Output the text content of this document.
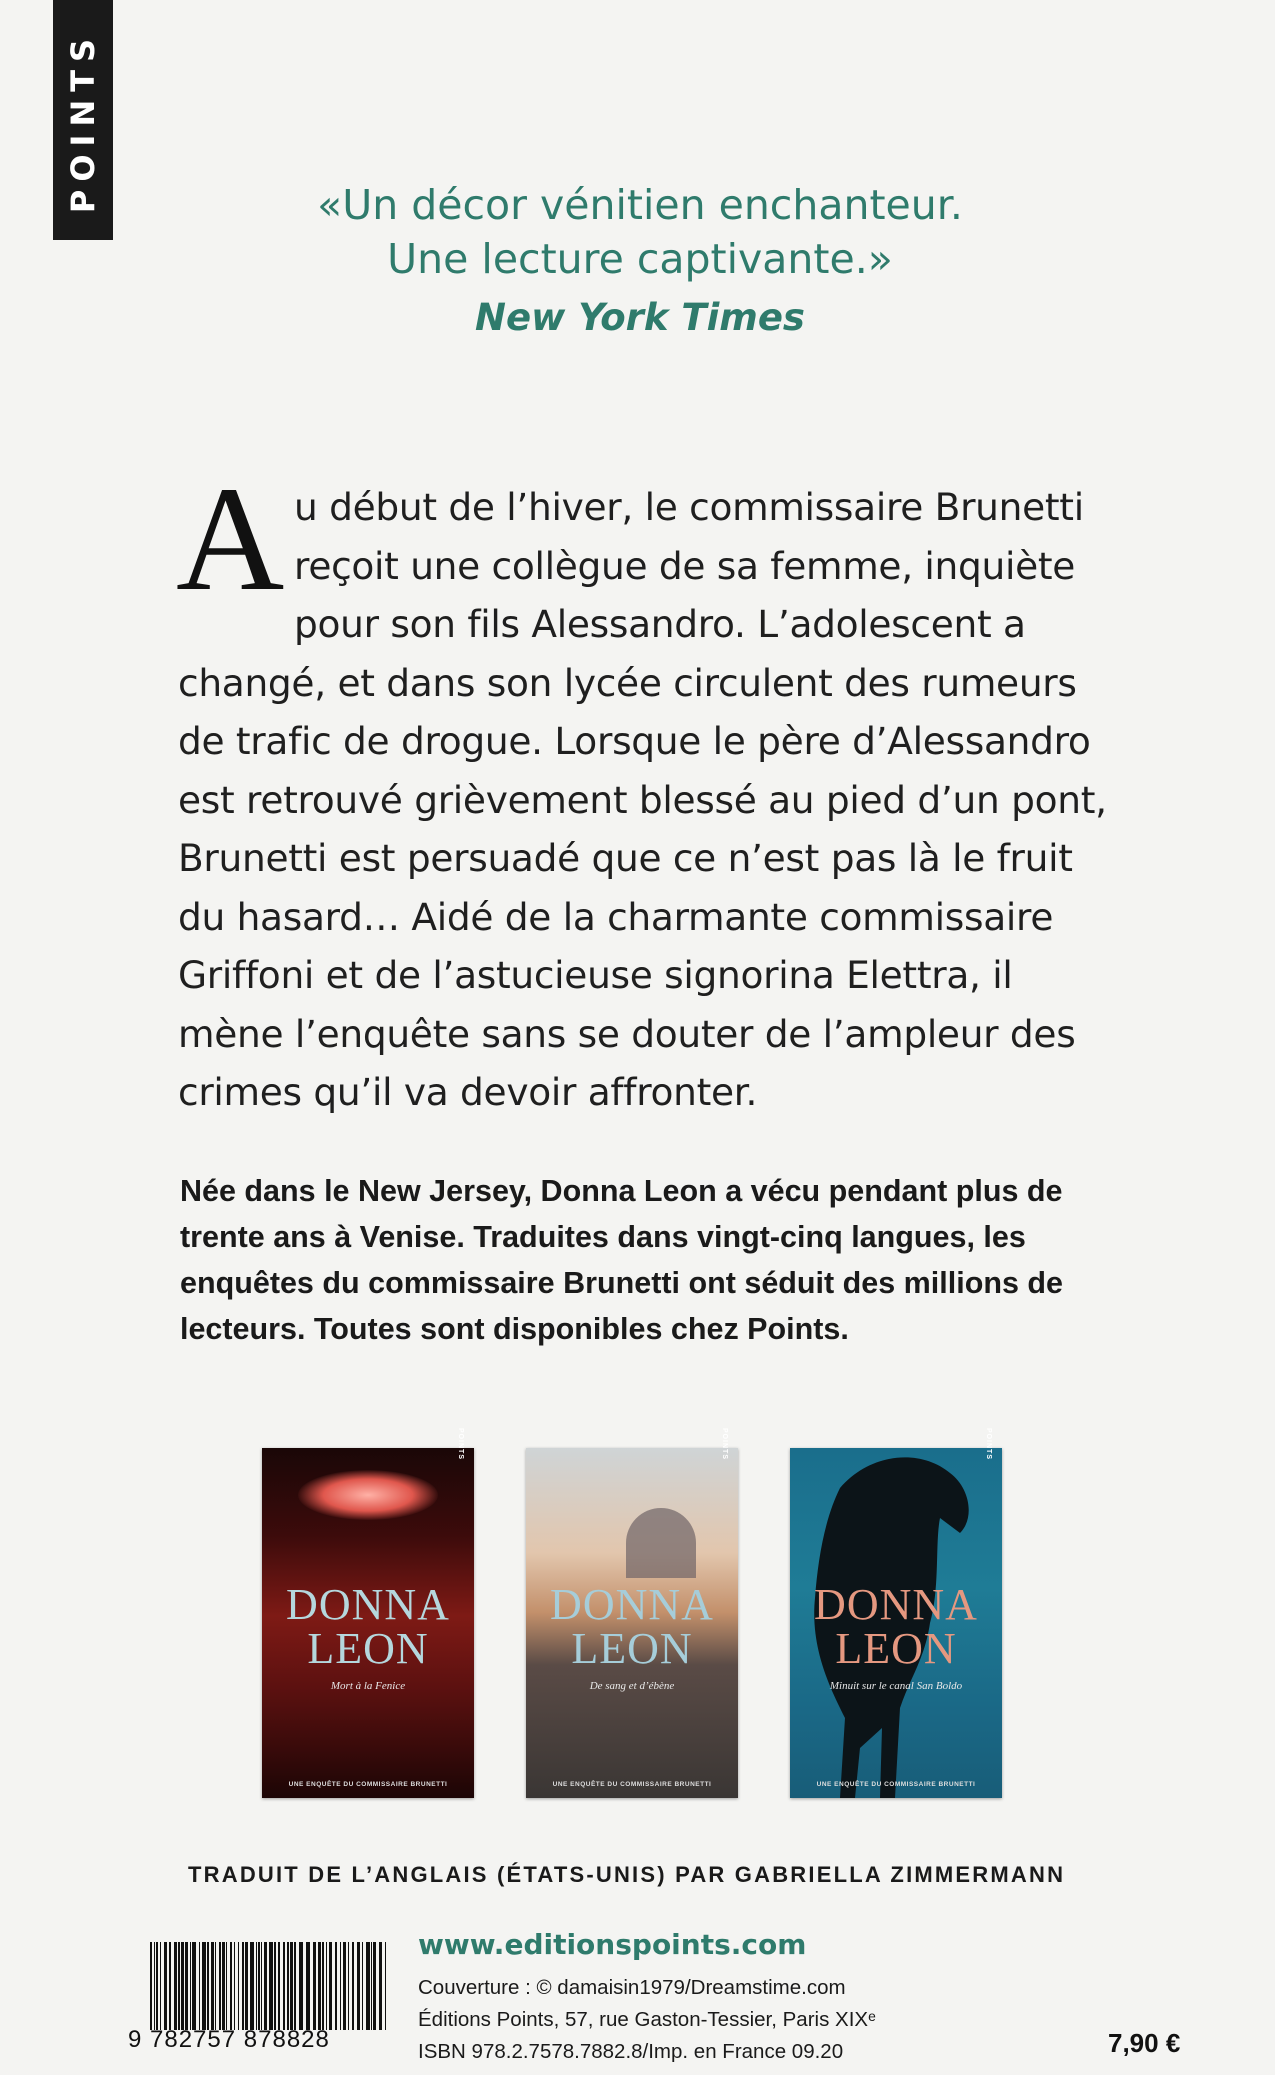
POINTS	«Un décor vénitien enchanteur.
Une lecture captivante.»
New York Times
Au début de l’hiver, le commissaire Brunetti reçoit une collègue de sa femme, inquiète pour son fils Alessandro. L’adolescent a changé, et dans son lycée circulent des rumeurs de trafic de drogue. Lorsque le père d’Alessandro est retrouvé grièvement blessé au pied d’un pont, Brunetti est persuadé que ce n’est pas là le fruit du hasard… Aidé de la charmante commissaire Griffoni et de l’astucieuse signorina Elettra, il mène l’enquête sans se douter de l’ampleur des crimes qu’il va devoir affronter.
Née dans le New Jersey, Donna Leon a vécu pendant plus de trente ans à Venise. Traduites dans vingt-cinq langues, les enquêtes du commissaire Brunetti ont séduit des millions de lecteurs. Toutes sont disponibles chez Points.
POINTS
DONNA LEON
Mort à la Fenice
UNE ENQUÊTE DU COMMISSAIRE BRUNETTI
POINTS
DONNA LEON
De sang et d’ébène
UNE ENQUÊTE DU COMMISSAIRE BRUNETTI
POINTS
DONNA LEON
Minuit sur le canal San Boldo
UNE ENQUÊTE DU COMMISSAIRE BRUNETTI
TRADUIT DE L’ANGLAIS (ÉTATS-UNIS) PAR GABRIELLA ZIMMERMANN
9 782757 878828
www.editionspoints.com
Couverture : © damaisin1979/Dreamstime.com
Éditions Points, 57, rue Gaston-Tessier, Paris XIXᵉ
ISBN 978.2.7578.7882.8/Imp. en France 09.20	7,90 €
